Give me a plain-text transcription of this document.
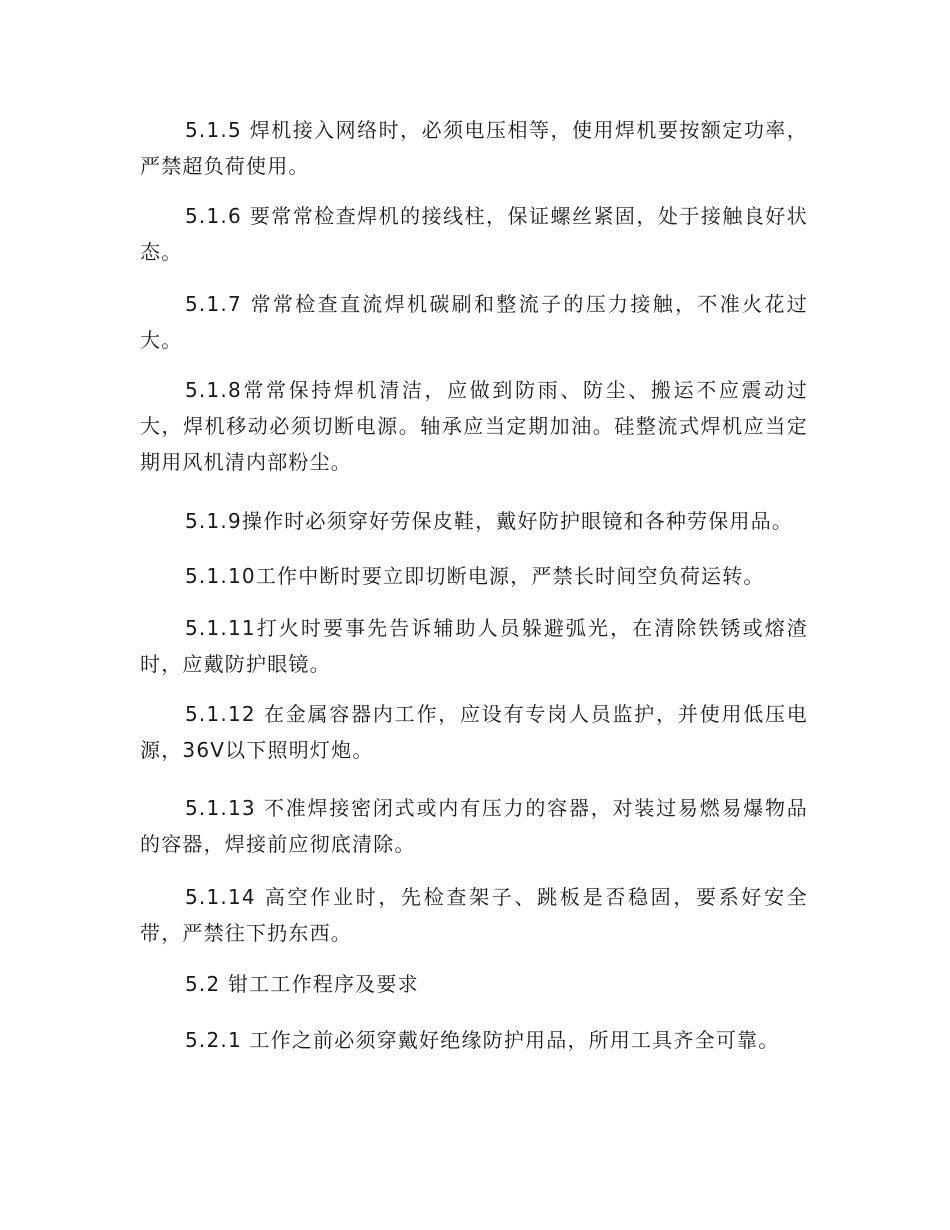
5.1.5 焊机接入网络时，必须电压相等，使用焊机要按额定功率，严禁超负荷使用。

5.1.6 要常常检查焊机的接线柱，保证螺丝紧固，处于接触良好状态。

5.1.7 常常检查直流焊机碳刷和整流子的压力接触，不准火花过大。

5.1.8常常保持焊机清洁，应做到防雨、防尘、搬运不应震动过大，焊机移动必须切断电源。轴承应当定期加油。硅整流式焊机应当定期用风机清内部粉尘。

5.1.9操作时必须穿好劳保皮鞋，戴好防护眼镜和各种劳保用品。

5.1.10工作中断时要立即切断电源，严禁长时间空负荷运转。

5.1.11打火时要事先告诉辅助人员躲避弧光，在清除铁锈或熔渣时，应戴防护眼镜。

5.1.12 在金属容器内工作，应设有专岗人员监护，并使用低压电源，36V以下照明灯炮。

5.1.13 不准焊接密闭式或内有压力的容器，对装过易燃易爆物品的容器，焊接前应彻底清除。

5.1.14 高空作业时，先检查架子、跳板是否稳固，要系好安全带，严禁往下扔东西。

5.2 钳工工作程序及要求

5.2.1 工作之前必须穿戴好绝缘防护用品，所用工具齐全可靠。
